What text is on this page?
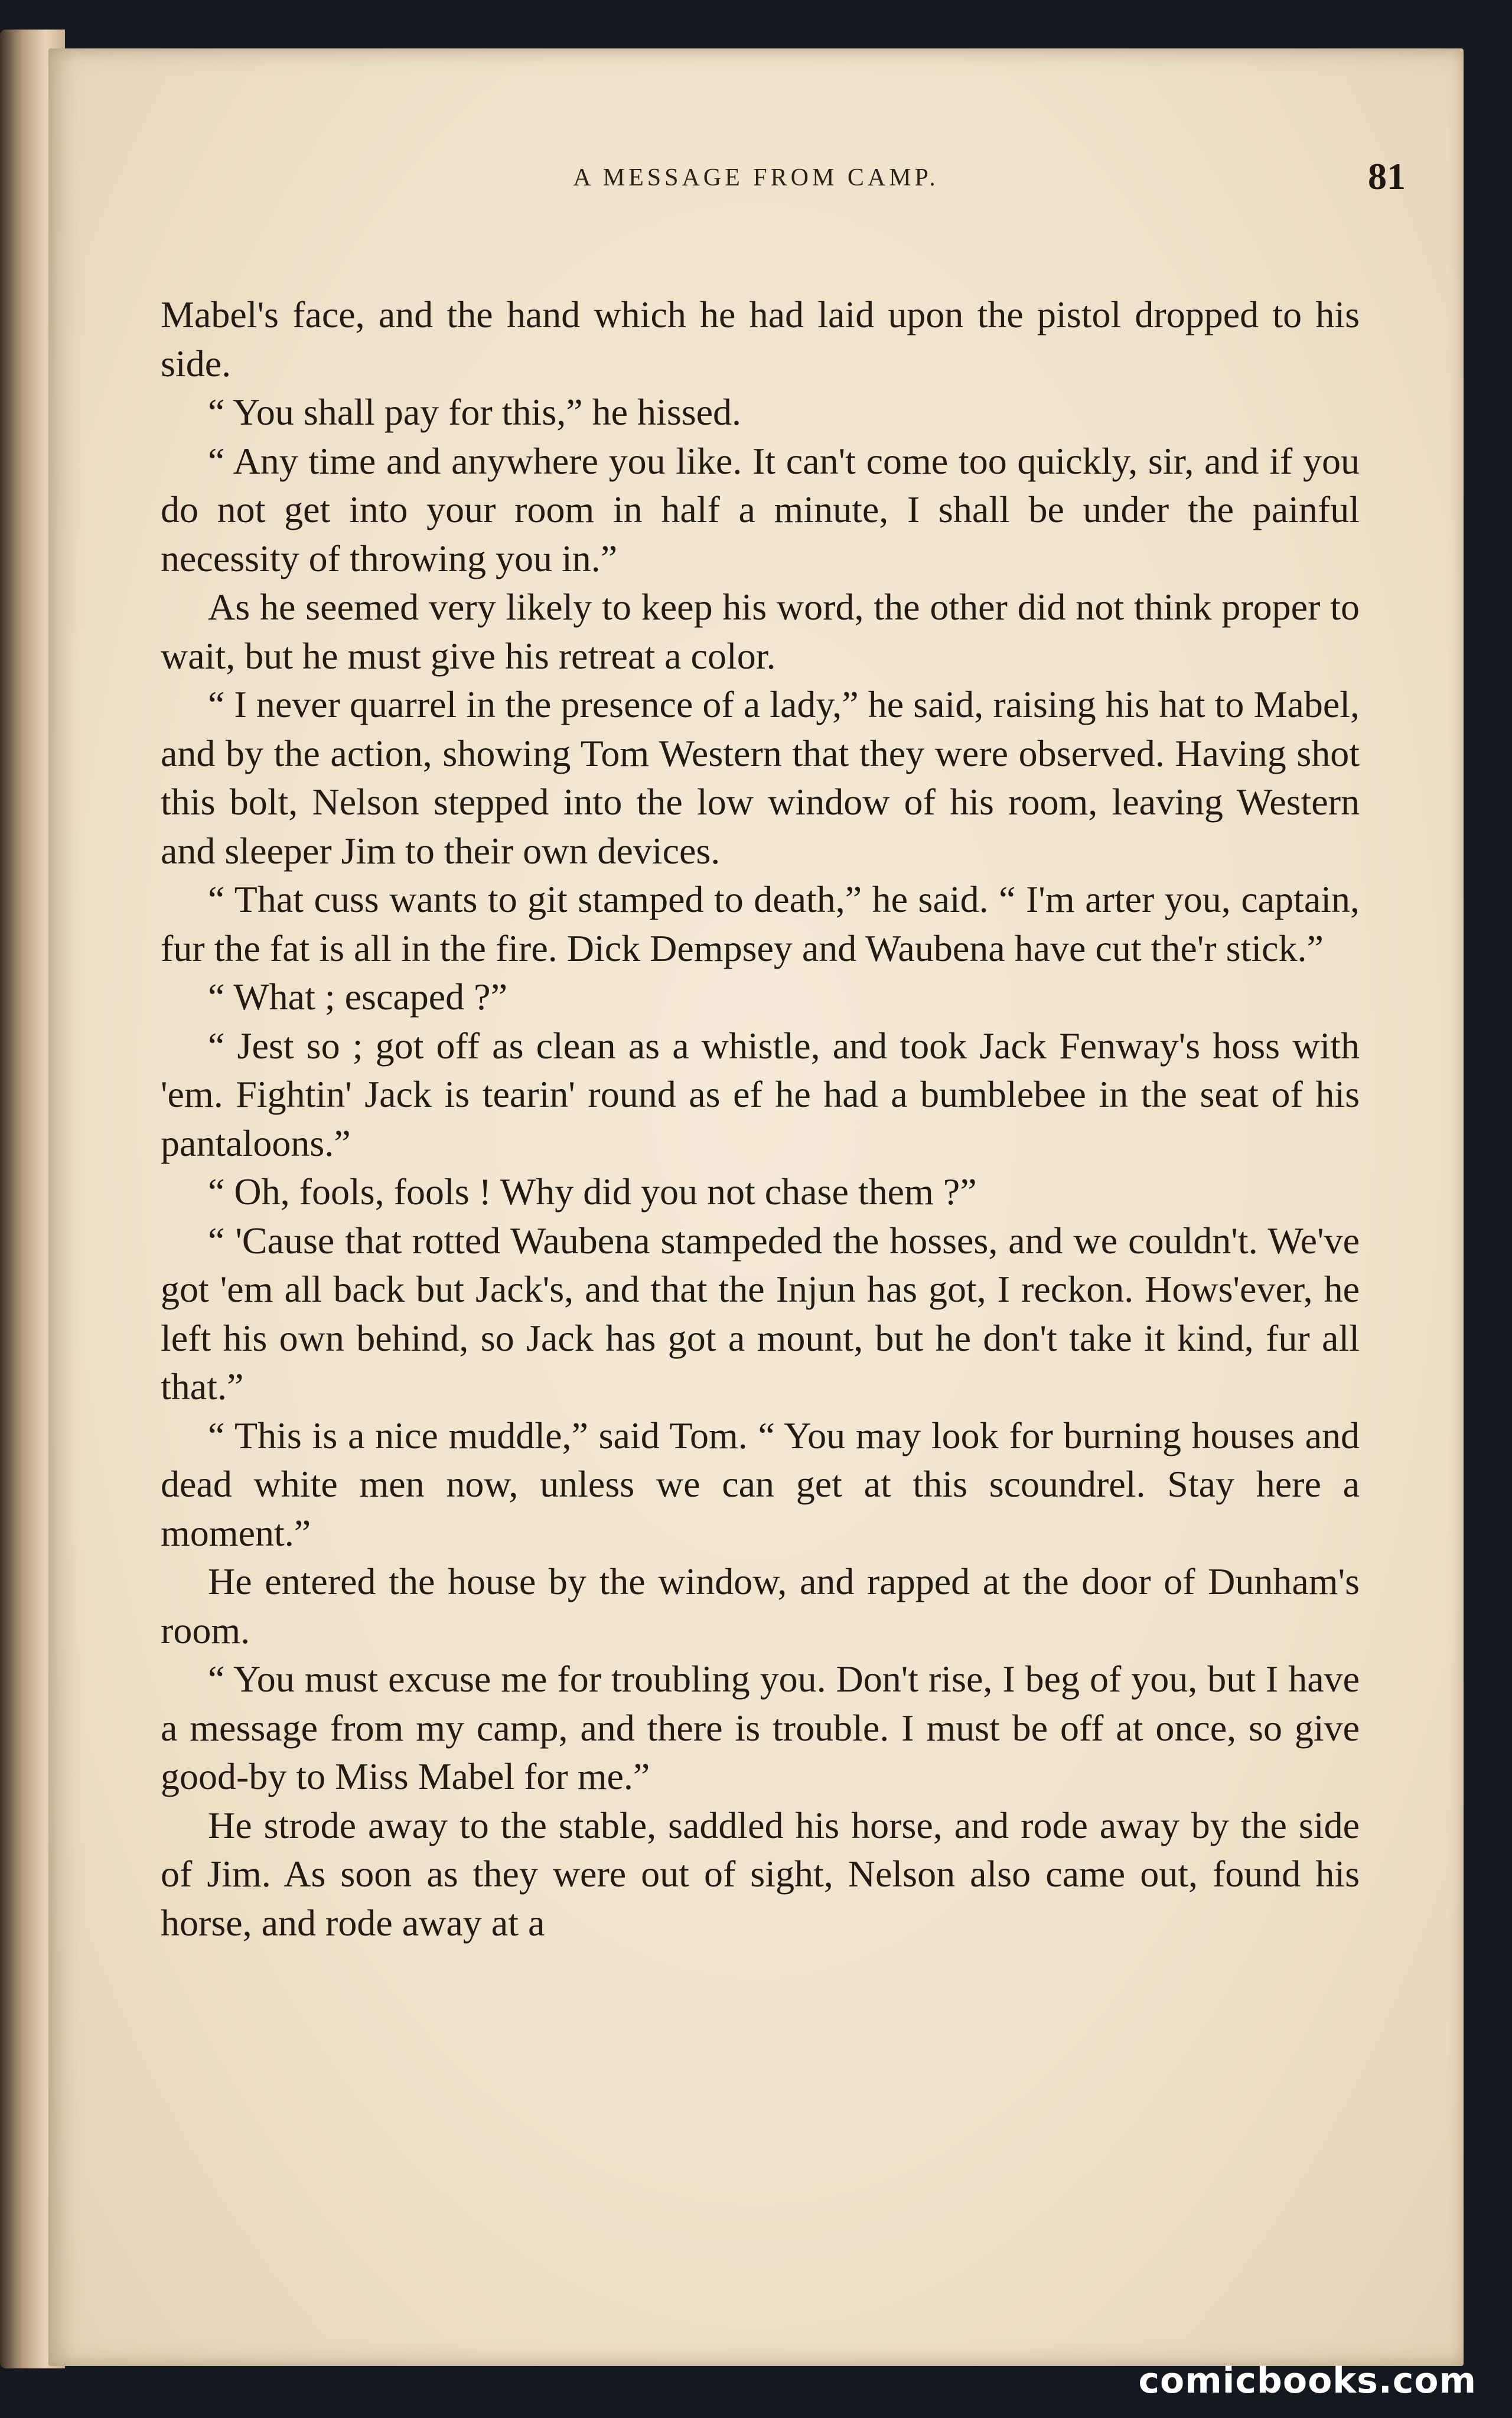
A MESSAGE FROM CAMP.	81

Mabel's face, and the hand which he had laid upon the pistol dropped to his side.

“ You shall pay for this,” he hissed.

“ Any time and anywhere you like. It can't come too quickly, sir, and if you do not get into your room in half a minute, I shall be under the painful necessity of throwing you in.”

As he seemed very likely to keep his word, the other did not think proper to wait, but he must give his retreat a color.

“ I never quarrel in the presence of a lady,” he said, raising his hat to Mabel, and by the action, showing Tom Western that they were observed. Having shot this bolt, Nelson stepped into the low window of his room, leaving Western and sleeper Jim to their own devices.

“ That cuss wants to git stamped to death,” he said. “ I'm arter you, captain, fur the fat is all in the fire. Dick Dempsey and Waubena have cut the'r stick.”

“ What ; escaped ?”

“ Jest so ; got off as clean as a whistle, and took Jack Fenway's hoss with 'em. Fightin' Jack is tearin' round as ef he had a bumblebee in the seat of his pantaloons.”

“ Oh, fools, fools ! Why did you not chase them ?”

“ 'Cause that rotted Waubena stampeded the hosses, and we couldn't. We've got 'em all back but Jack's, and that the Injun has got, I reckon. Hows'ever, he left his own behind, so Jack has got a mount, but he don't take it kind, fur all that.”

“ This is a nice muddle,” said Tom. “ You may look for burning houses and dead white men now, unless we can get at this scoundrel. Stay here a moment.”

He entered the house by the window, and rapped at the door of Dunham's room.

“ You must excuse me for troubling you. Don't rise, I beg of you, but I have a message from my camp, and there is trouble. I must be off at once, so give good-by to Miss Mabel for me.”

He strode away to the stable, saddled his horse, and rode away by the side of Jim. As soon as they were out of sight, Nelson also came out, found his horse, and rode away at a

comicbooks.com
